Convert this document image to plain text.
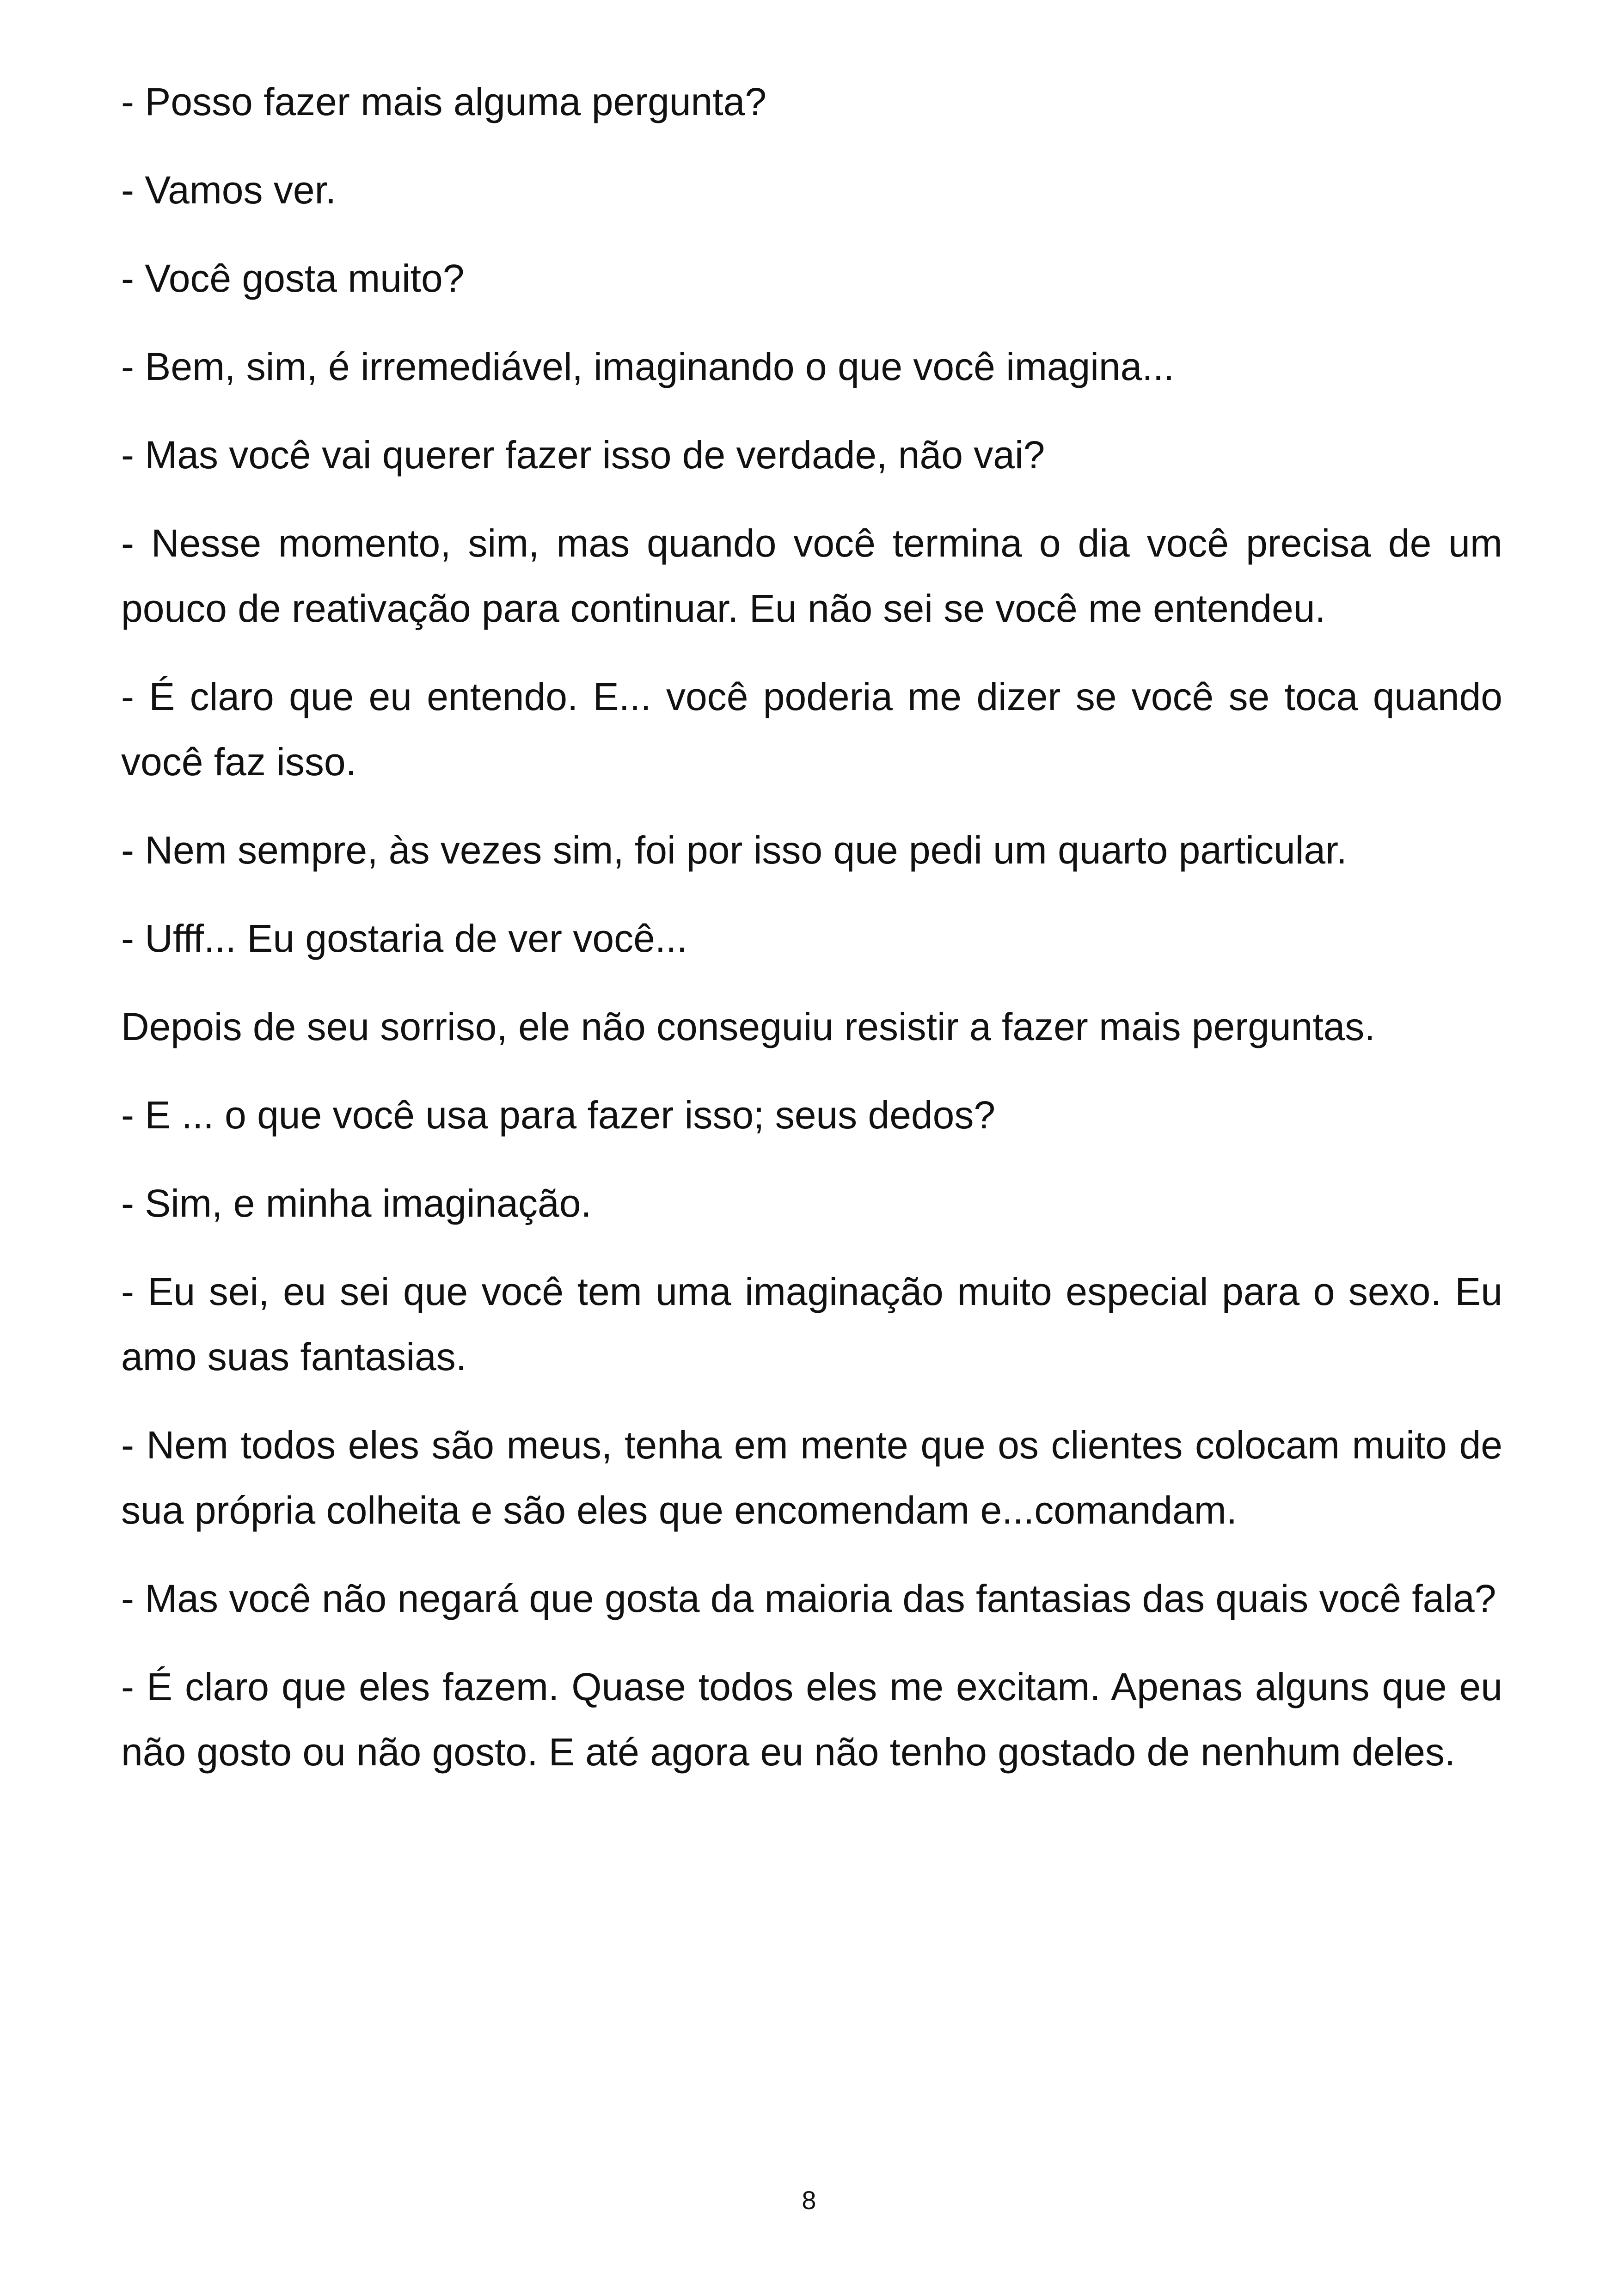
- Posso fazer mais alguma pergunta?

- Vamos ver.

- Você gosta muito?

- Bem, sim, é irremediável, imaginando o que você imagina...

- Mas você vai querer fazer isso de verdade, não vai?

- Nesse momento, sim, mas quando você termina o dia você precisa de um pouco de reativação para continuar. Eu não sei se você me entendeu.

- É claro que eu entendo. E... você poderia me dizer se você se toca quando você faz isso.

- Nem sempre, às vezes sim, foi por isso que pedi um quarto particular.

- Ufff... Eu gostaria de ver você...

Depois de seu sorriso, ele não conseguiu resistir a fazer mais perguntas.

- E ... o que você usa para fazer isso; seus dedos?

- Sim, e minha imaginação.

- Eu sei, eu sei que você tem uma imaginação muito especial para o sexo. Eu amo suas fantasias.

- Nem todos eles são meus, tenha em mente que os clientes colocam muito de sua própria colheita e são eles que encomendam e...comandam.

- Mas você não negará que gosta da maioria das fantasias das quais você fala?

- É claro que eles fazem. Quase todos eles me excitam. Apenas alguns que eu não gosto ou não gosto. E até agora eu não tenho gostado de nenhum deles.

8
